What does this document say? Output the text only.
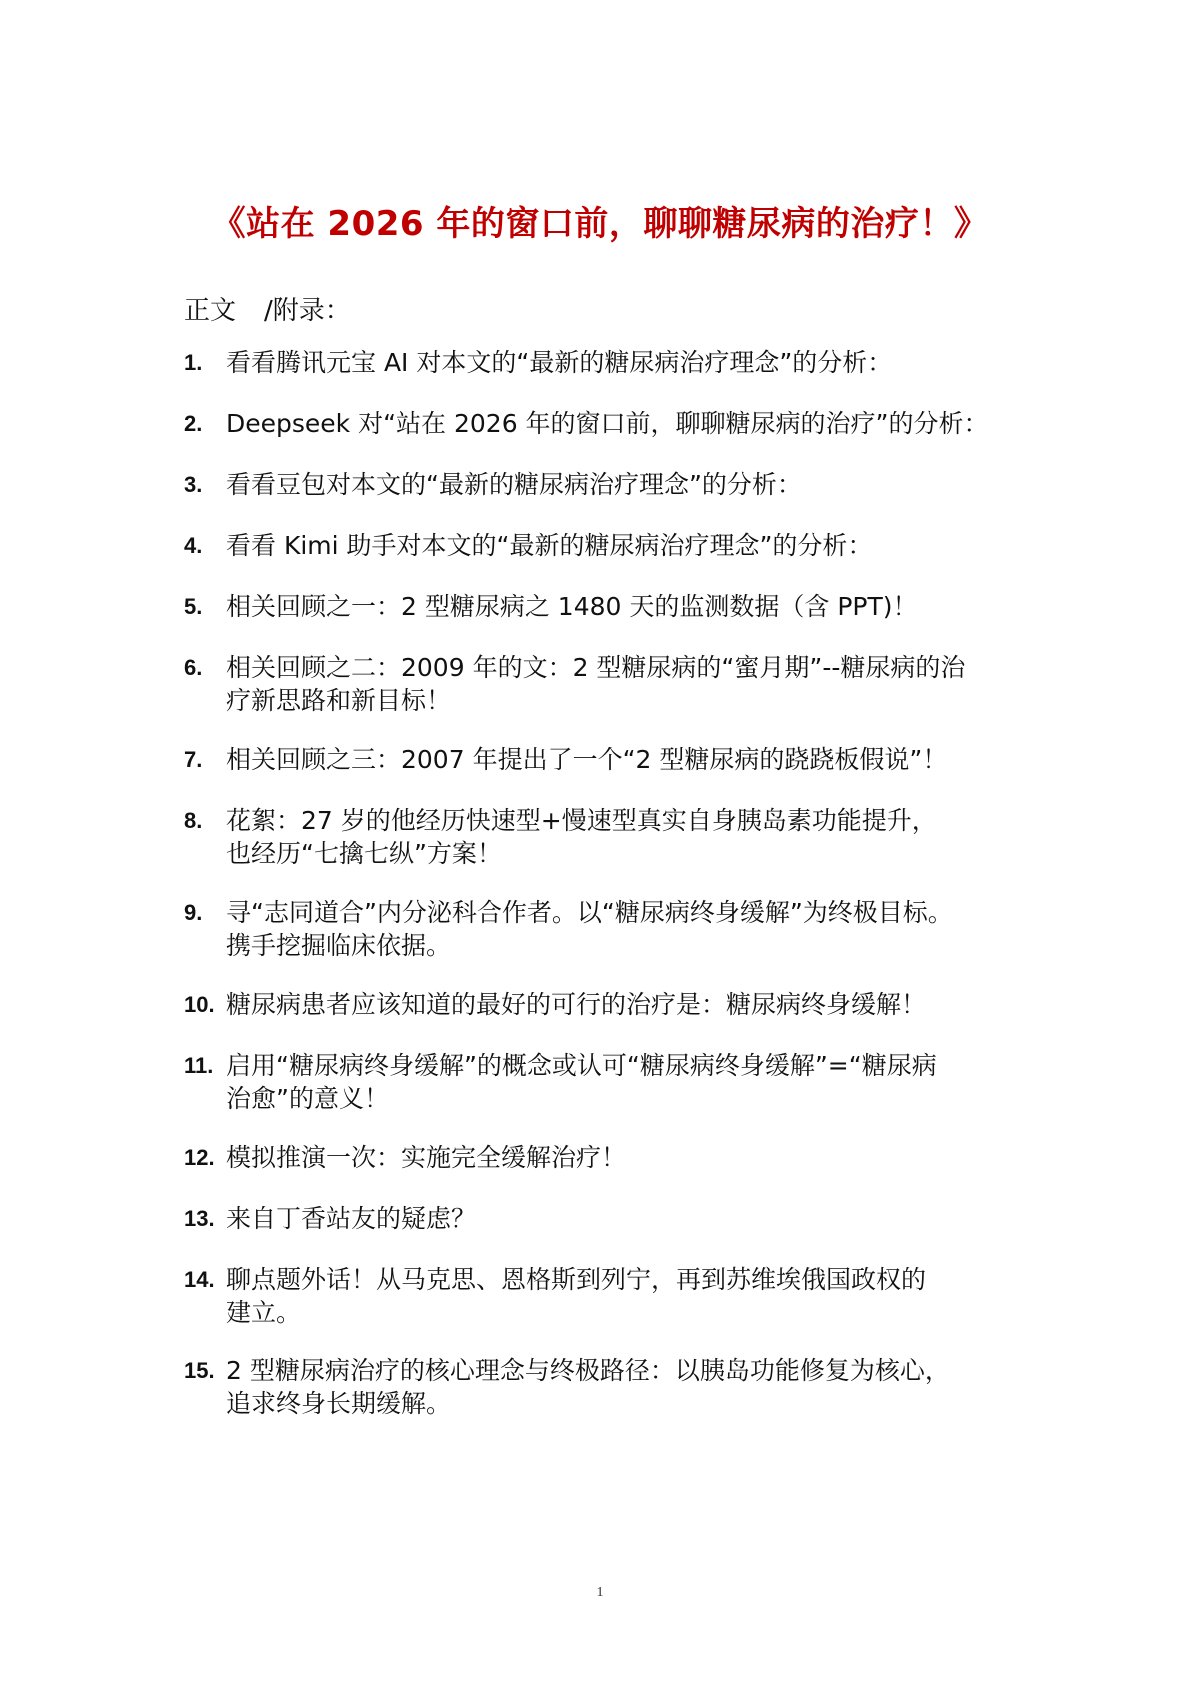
《站在 2026 年的窗口前，聊聊糖尿病的治疗！》
正文 /附录：
1. 看看腾讯元宝 AI 对本文的“最新的糖尿病治疗理念”的分析：
2. Deepseek 对“站在 2026 年的窗口前，聊聊糖尿病的治疗”的分析：
3. 看看豆包对本文的“最新的糖尿病治疗理念”的分析：
4. 看看 Kimi 助手对本文的“最新的糖尿病治疗理念”的分析：
5. 相关回顾之一：2 型糖尿病之 1480 天的监测数据（含 PPT)！
6. 相关回顾之二：2009 年的文：2 型糖尿病的“蜜月期”--糖尿病的治
疗新思路和新目标！
7. 相关回顾之三：2007 年提出了一个“2 型糖尿病的跷跷板假说”！
8. 花絮：27 岁的他经历快速型+慢速型真实自身胰岛素功能提升，
也经历“七擒七纵”方案！
9. 寻“志同道合”内分泌科合作者。以“糖尿病终身缓解”为终极目标。
携手挖掘临床依据。
10. 糖尿病患者应该知道的最好的可行的治疗是：糖尿病终身缓解！
11. 启用“糖尿病终身缓解”的概念或认可“糖尿病终身缓解”=“糖尿病
治愈”的意义！
12. 模拟推演一次：实施完全缓解治疗！
13. 来自丁香站友的疑虑？
14. 聊点题外话！从马克思、恩格斯到列宁，再到苏维埃俄国政权的
建立。
15. 2 型糖尿病治疗的核心理念与终极路径：以胰岛功能修复为核心，
追求终身长期缓解。
1
